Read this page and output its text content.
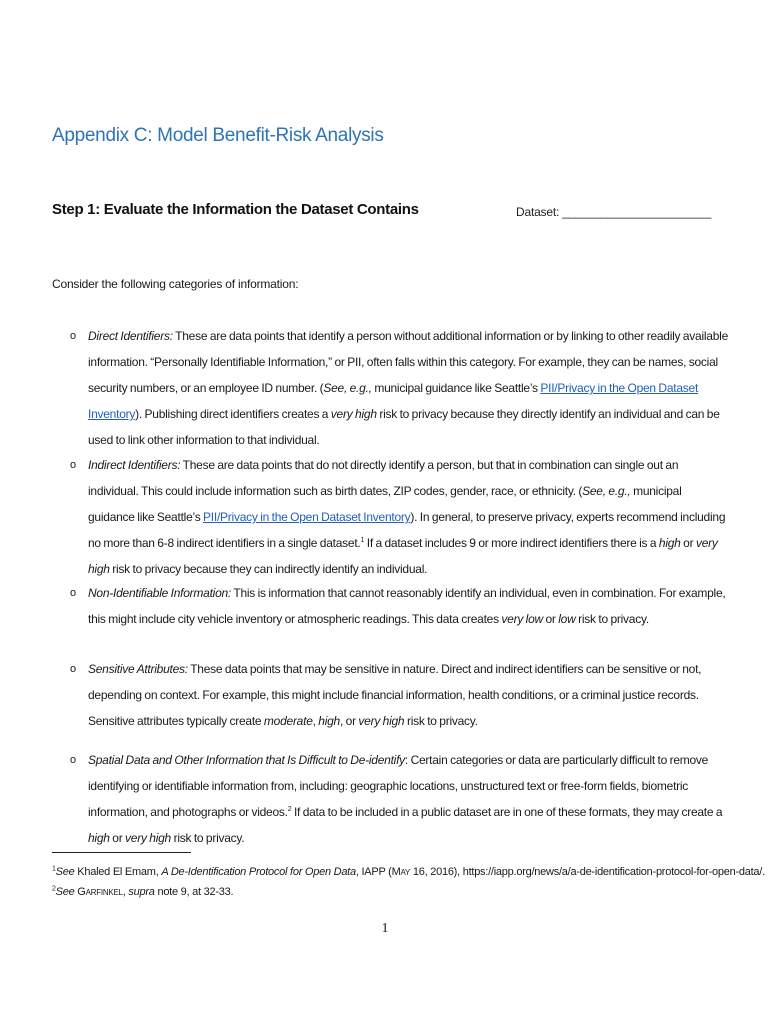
Appendix C: Model Benefit-Risk Analysis
Step 1: Evaluate the Information the Dataset Contains	Dataset: _______________________

Consider the following categories of information:

o Direct Identifiers: These are data points that identify a person without additional information or by linking to other readily available information. “Personally Identifiable Information,” or PII, often falls within this category. For example, they can be names, social security numbers, or an employee ID number. (See, e.g., municipal guidance like Seattle’s PII/Privacy in the Open Dataset Inventory). Publishing direct identifiers creates a very high risk to privacy because they directly identify an individual and can be used to link other information to that individual.
o Indirect Identifiers: These are data points that do not directly identify a person, but that in combination can single out an individual. This could include information such as birth dates, ZIP codes, gender, race, or ethnicity. (See, e.g., municipal guidance like Seattle’s PII/Privacy in the Open Dataset Inventory). In general, to preserve privacy, experts recommend including no more than 6-8 indirect identifiers in a single dataset.$^1$ If a dataset includes 9 or more indirect identifiers there is a high or very high risk to privacy because they can indirectly identify an individual.
o Non-Identifiable Information: This is information that cannot reasonably identify an individual, even in combination. For example, this might include city vehicle inventory or atmospheric readings. This data creates very low or low risk to privacy.
o Sensitive Attributes: These data points that may be sensitive in nature. Direct and indirect identifiers can be sensitive or not, depending on context. For example, this might include financial information, health conditions, or a criminal justice records. Sensitive attributes typically create moderate, high, or very high risk to privacy.
o Spatial Data and Other Information that Is Difficult to De-identify: Certain categories or data are particularly difficult to remove identifying or identifiable information from, including: geographic locations, unstructured text or free-form fields, biometric information, and photographs or videos.$^2$ If data to be included in a public dataset are in one of these formats, they may create a high or very high risk to privacy.
$^1$See Khaled El Emam, A De-Identification Protocol for Open Data, IAPP (May 16, 2016), https://iapp.org/news/a/a-de-identification-protocol-for-open-data/.
$^2$See Garfinkel, supra note 9, at 32-33.
1
